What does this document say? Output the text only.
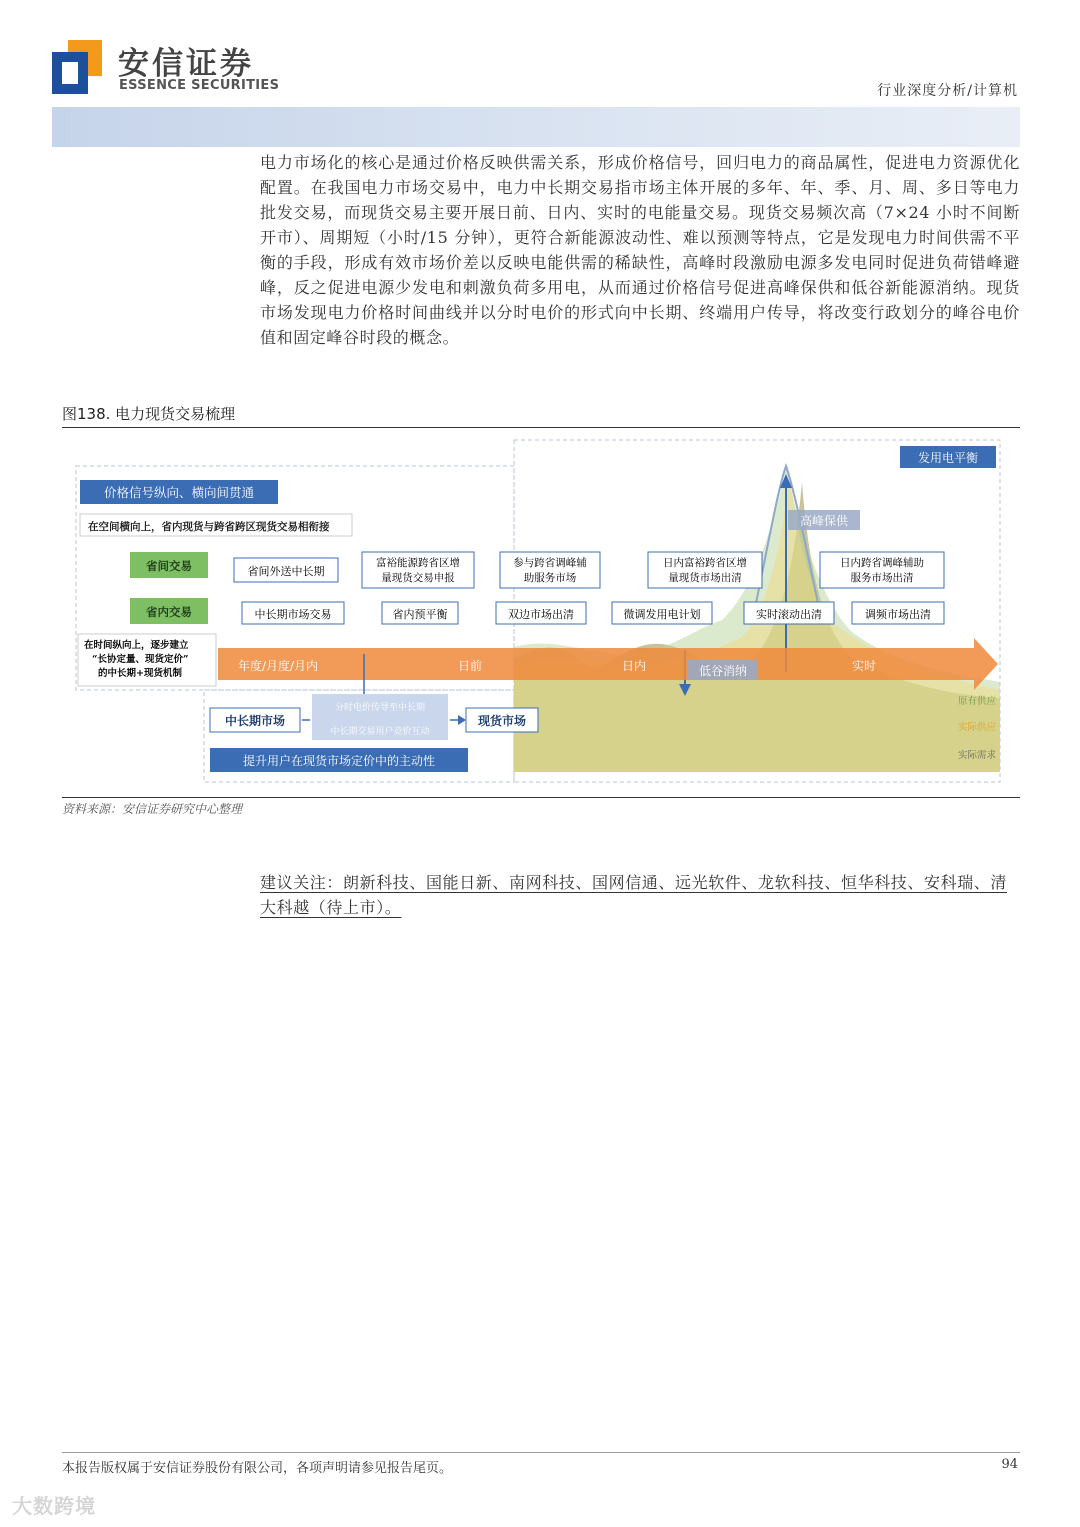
安信证券
ESSENCE SECURITIES	行业深度分析/计算机
电力市场化的核心是通过价格反映供需关系，形成价格信号，回归电力的商品属性，促进电力资源优化配置。在我国电力市场交易中，电力中长期交易指市场主体开展的多年、年、季、月、周、多日等电力批发交易，而现货交易主要开展日前、日内、实时的电能量交易。现货交易频次高（7×24 小时不间断开市）、周期短（小时/15 分钟），更符合新能源波动性、难以预测等特点，它是发现电力时间供需不平衡的手段，形成有效市场价差以反映电能供需的稀缺性，高峰时段激励电源多发电同时促进负荷错峰避峰，反之促进电源少发电和刺激负荷多用电，从而通过价格信号促进高峰保供和低谷新能源消纳。现货市场发现电力价格时间曲线并以分时电价的形式向中长期、终端用户传导，将改变行政划分的峰谷电价值和固定峰谷时段的概念。
图138. 电力现货交易梳理
发用电平衡
价格信号纵向、横向间贯通
在空间横向上，省内现货与跨省跨区现货交易相衔接
省间交易
省内交易
省间外送中长期
富裕能源跨省区增量现货交易申报
参与跨省调峰辅助服务市场
日内富裕跨省区增量现货市场出清
日内跨省调峰辅助服务市场出清
中长期市场交易	省内预平衡	双边市场出清	微调发用电计划	实时滚动出清	调频市场出清
在时间纵向上，逐步建立“长协定量、现货定价”的中长期+现货机制
年度/月度/月内	日前	日内	实时
高峰保供
低谷消纳
中长期市场
分时电价传导至中长期
中长期交易用户竞价互动
现货市场
提升用户在现货市场定价中的主动性
原有供应
实际供应
实际需求
资料来源：安信证券研究中心整理
建议关注：朗新科技、国能日新、南网科技、国网信通、远光软件、龙软科技、恒华科技、安科瑞、清大科越（待上市）。
本报告版权属于安信证券股份有限公司，各项声明请参见报告尾页。	94
大数跨境
